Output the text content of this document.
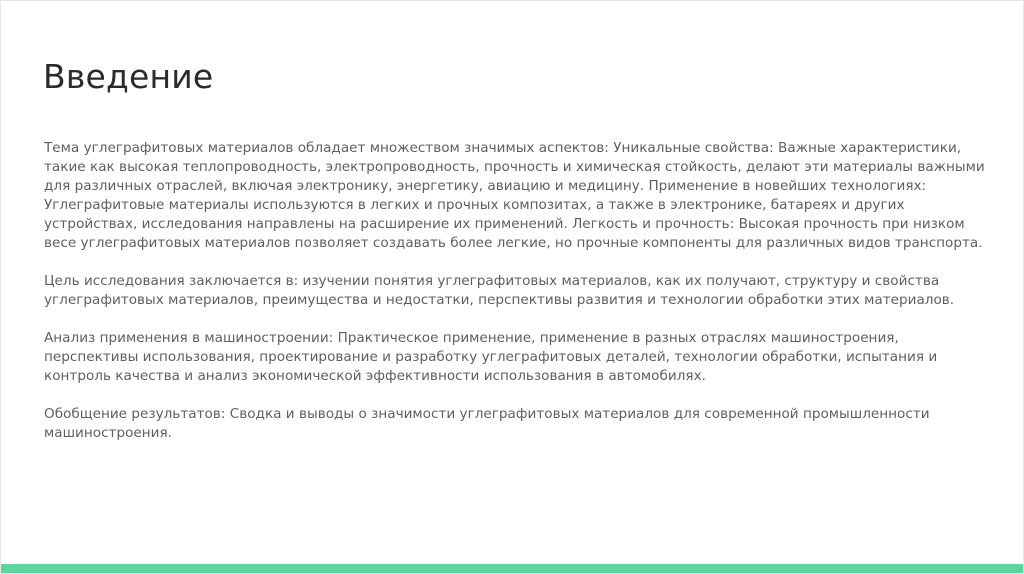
Введение

Тема углеграфитовых материалов обладает множеством значимых аспектов: Уникальные свойства: Важные характеристики, такие как высокая теплопроводность, электропроводность, прочность и химическая стойкость, делают эти материалы важными для различных отраслей, включая электронику, энергетику, авиацию и медицину. Применение в новейших технологиях: Углеграфитовые материалы используются в легких и прочных композитах, а также в электронике, батареях и других устройствах, исследования направлены на расширение их применений. Легкость и прочность: Высокая прочность при низком весе углеграфитовых материалов позволяет создавать более легкие, но прочные компоненты для различных видов транспорта.

Цель исследования заключается в: изучении понятия углеграфитовых материалов, как их получают, структуру и свойства углеграфитовых материалов, преимущества и недостатки, перспективы развития и технологии обработки этих материалов.

Анализ применения в машиностроении: Практическое применение, применение в разных отраслях машиностроения, перспективы использования, проектирование и разработку углеграфитовых деталей, технологии обработки, испытания и контроль качества и анализ экономической эффективности использования в автомобилях.

Обобщение результатов: Сводка и выводы о значимости углеграфитовых материалов для современной промышленности машиностроения.
